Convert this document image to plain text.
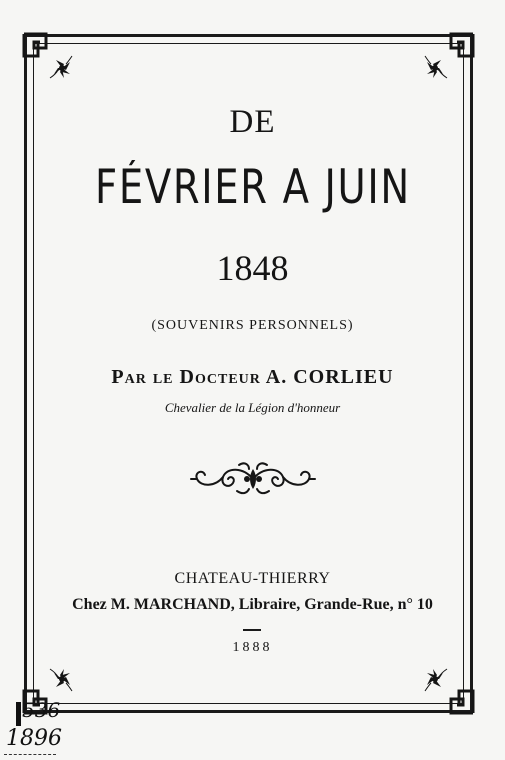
DE
FÉVRIER A JUIN
1848
(SOUVENIRS PERSONNELS)
Par le Docteur A. CORLIEU
Chevalier de la Légion d'honneur
CHATEAU-THIERRY
Chez M. MARCHAND, Libraire, Grande-Rue, n° 10
1888
536
1896
